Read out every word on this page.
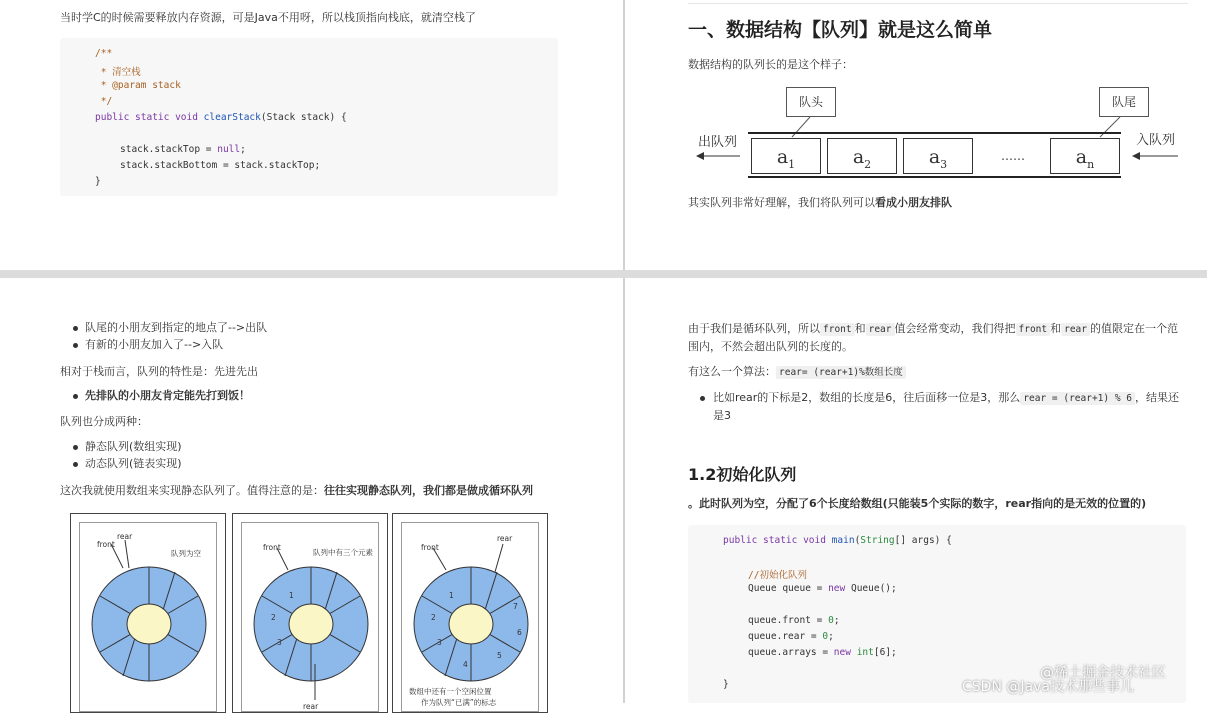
当时学C的时候需要释放内存资源，可是Java不用呀，所以栈顶指向栈底，就清空栈了
/**
* 清空栈
* @param stack
*/
public static void clearStack(Stack stack) {
stack.stackTop = null;
stack.stackBottom = stack.stackTop;
}
一、数据结构【队列】就是这么简单
数据结构的队列长的是这个样子：
队头	队尾
出队列	入队列
$a_1$	$a_2$	$a_3$
……	$a_n$
其实队列非常好理解，我们将队列可以看成小朋友排队
队尾的小朋友到指定的地点了-->出队
有新的小朋友加入了-->入队
相对于栈而言，队列的特性是：先进先出
先排队的小朋友肯定能先打到饭！
队列也分成两种：
静态队列(数组实现)
动态队列(链表实现)
这次我就使用数组来实现静态队列了。值得注意的是：往往实现静态队列，我们都是做成循环队列
front
rear
队列为空
front
队列中有三个元素
1
2
3
rear
front
rear
1
2
3
4
5
6
7
数组中还有一个空闲位置
作为队列“已满”的标志
由于我们是循环队列，所以 front 和 rear 值会经常变动，我们得把 front 和 rear 的值限定在一个范
围内，不然会超出队列的长度的。
有这么一个算法： rear= (rear+1)%数组长度
比如rear的下标是2，数组的长度是6，往后面移一位是3，那么 rear = (rear+1) % 6 ，结果还
是3
1.2初始化队列
。此时队列为空，分配了6个长度给数组(只能装5个实际的数字，rear指向的是无效的位置的)
public static void main(String[] args) {
//初始化队列
Queue queue = new Queue();
queue.front = 0;
queue.rear = 0;
queue.arrays = new int[6];
}
@稀土掘金技术社区
CSDN @Java技术那些事儿
